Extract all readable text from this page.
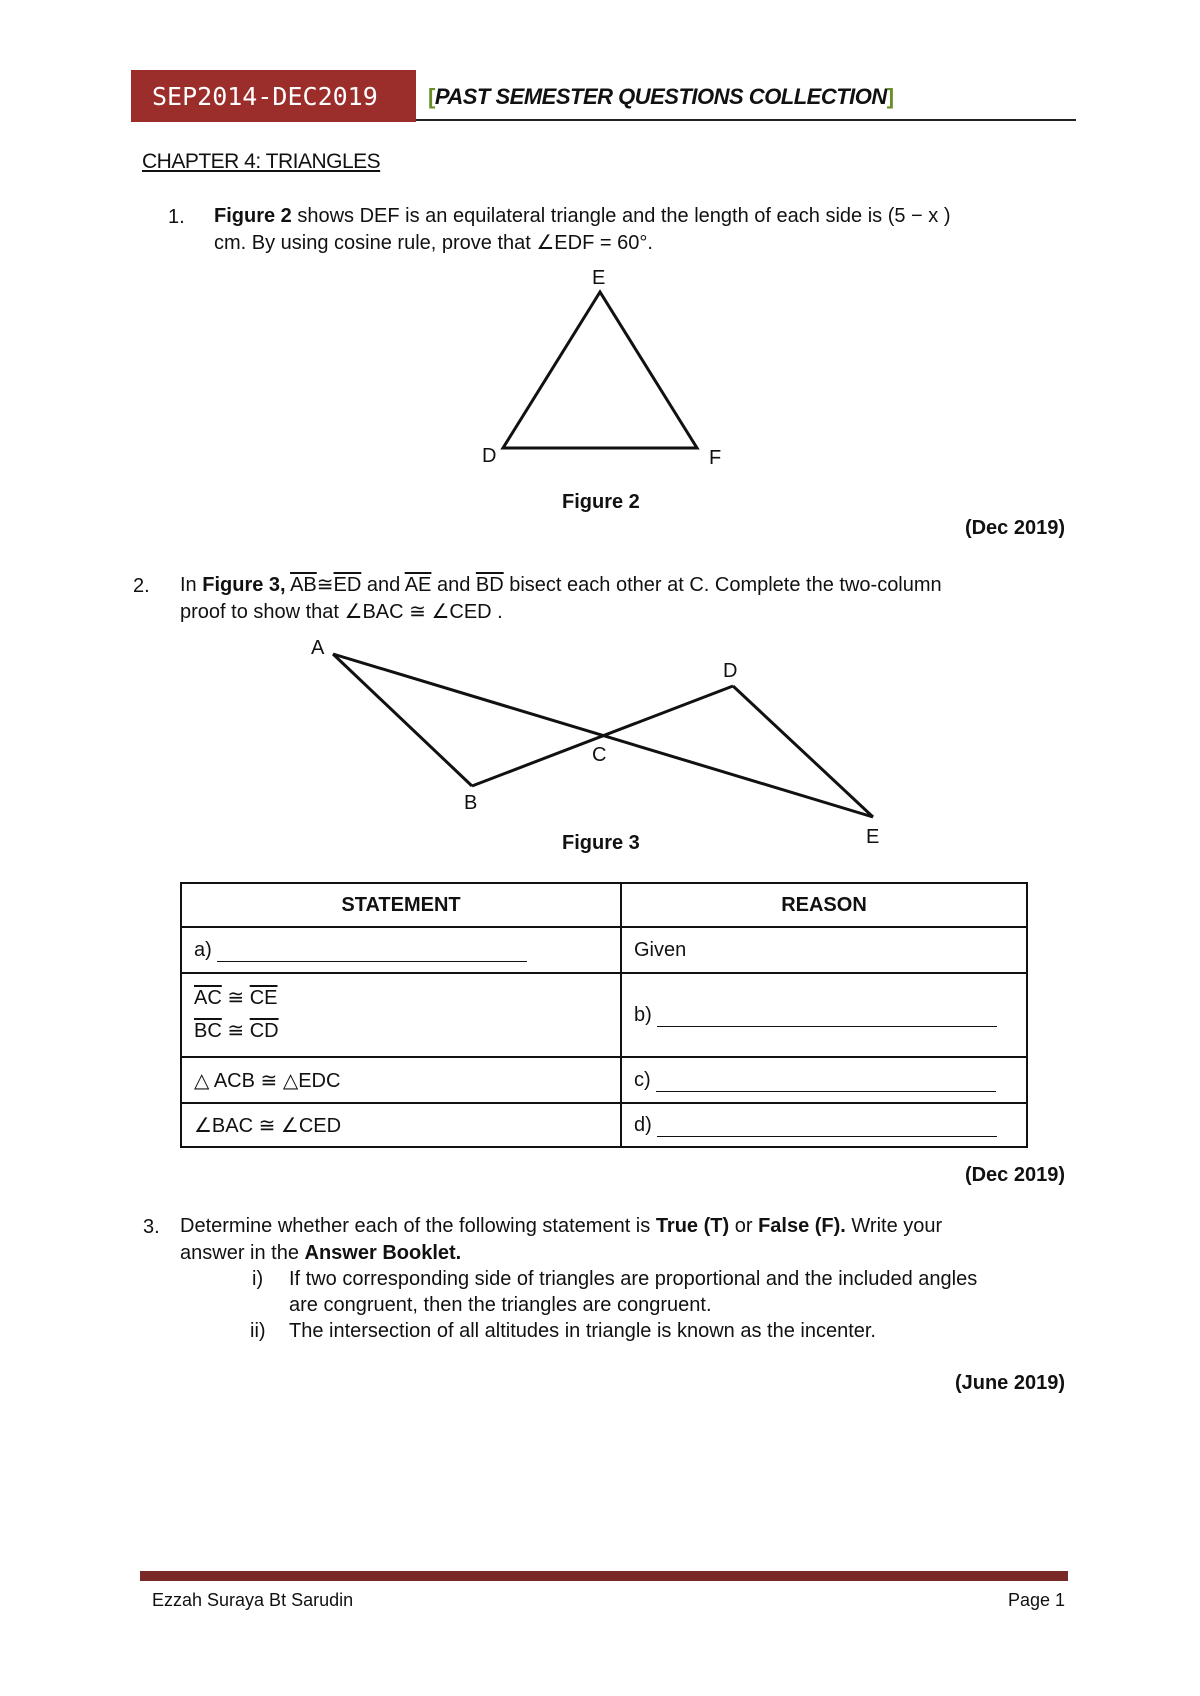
SEP2014-DEC2019 [PAST SEMESTER QUESTIONS COLLECTION]
CHAPTER 4: TRIANGLES
1. Figure 2 shows DEF is an equilateral triangle and the length of each side is (5 − x )
cm. By using cosine rule, prove that ∠EDF = 60°.
E
D	F
Figure 2
(Dec 2019)
2. In Figure 3, $\overline{AB}≅\overline{ED}$ and $\overline{AE}$ and $\overline{BD}$ bisect each other at C. Complete the two-column
proof to show that ∠BAC ≅ ∠CED .
A
D
C
B
E
Figure 3
STATEMENT	REASON
a)	Given

$\overline{AC}$ ≅ $\overline{CE}$
$\overline{BC}$ ≅ $\overline{CD}$	b)
△ ACB ≅ △EDC	c)
∠BAC ≅ ∠CED	d)
(Dec 2019)
3. Determine whether each of the following statement is True (T) or False (F). Write your
answer in the Answer Booklet.
i) If two corresponding side of triangles are proportional and the included angles
are congruent, then the triangles are congruent.
ii) The intersection of all altitudes in triangle is known as the incenter.
(June 2019)
Ezzah Suraya Bt Sarudin	Page 1
